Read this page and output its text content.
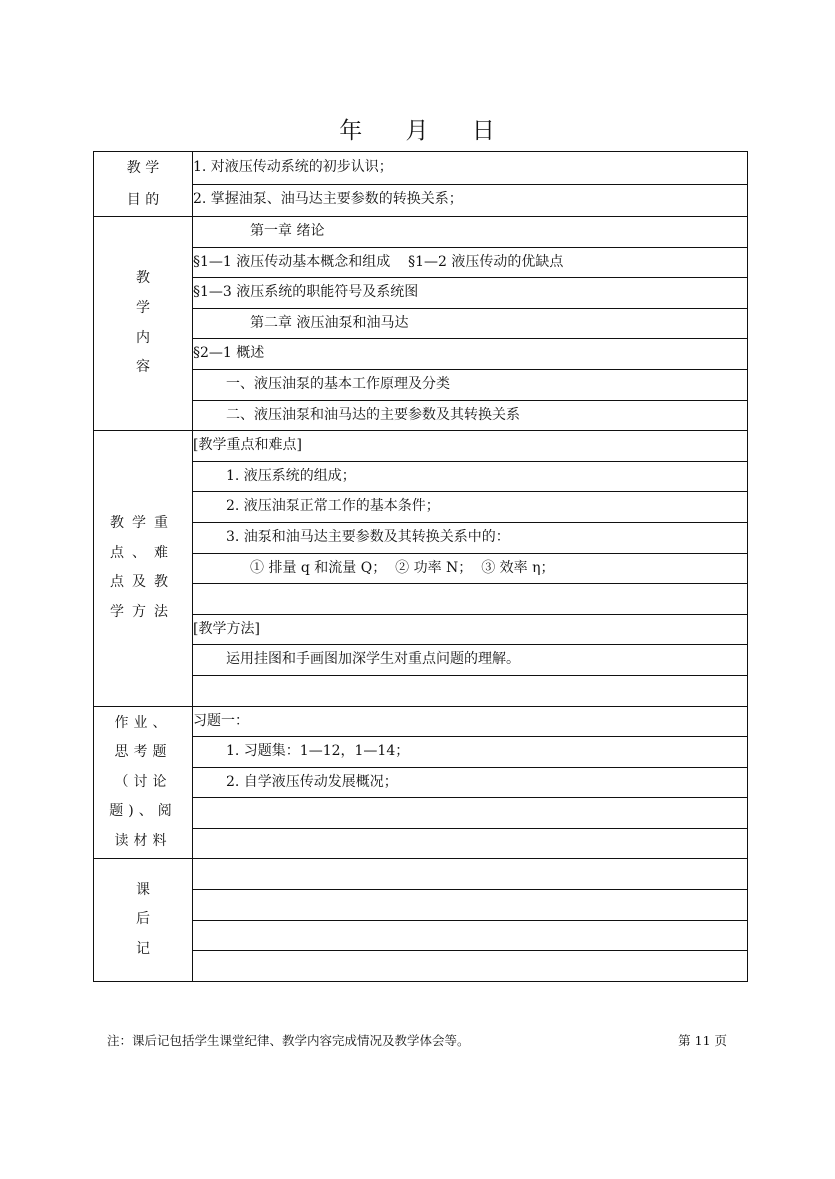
年 月 日
教 学
目 的	1. 对液压传动系统的初步认识；
	2. 掌握油泵、油马达主要参数的转换关系；

教
学
内
容	第一章 绪论
	§1—1 液压传动基本概念和组成    §1—2 液压传动的优缺点
	§1—3 液压系统的职能符号及系统图
	第二章 液压油泵和油马达
	§2—1 概述
	一、液压油泵的基本工作原理及分类
	二、液压油泵和油马达的主要参数及其转换关系

教学重
点、难
点及教
学方法	[教学重点和难点]
	1. 液压系统的组成；
	2. 液压油泵正常工作的基本条件；
	3. 油泵和油马达主要参数及其转换关系中的：
	① 排量 q 和流量 Q；  ② 功率 N；  ③ 效率 η；

	[教学方法]
	运用挂图和手画图加深学生对重点问题的理解。

作业、
思考题
（讨论
题)、阅
读材料	习题一：
	1. 习题集：1—12，1—14；
	2. 自学液压传动发展概况；

课
后
记	

注：课后记包括学生课堂纪律、教学内容完成情况及教学体会等。	第 11 页
